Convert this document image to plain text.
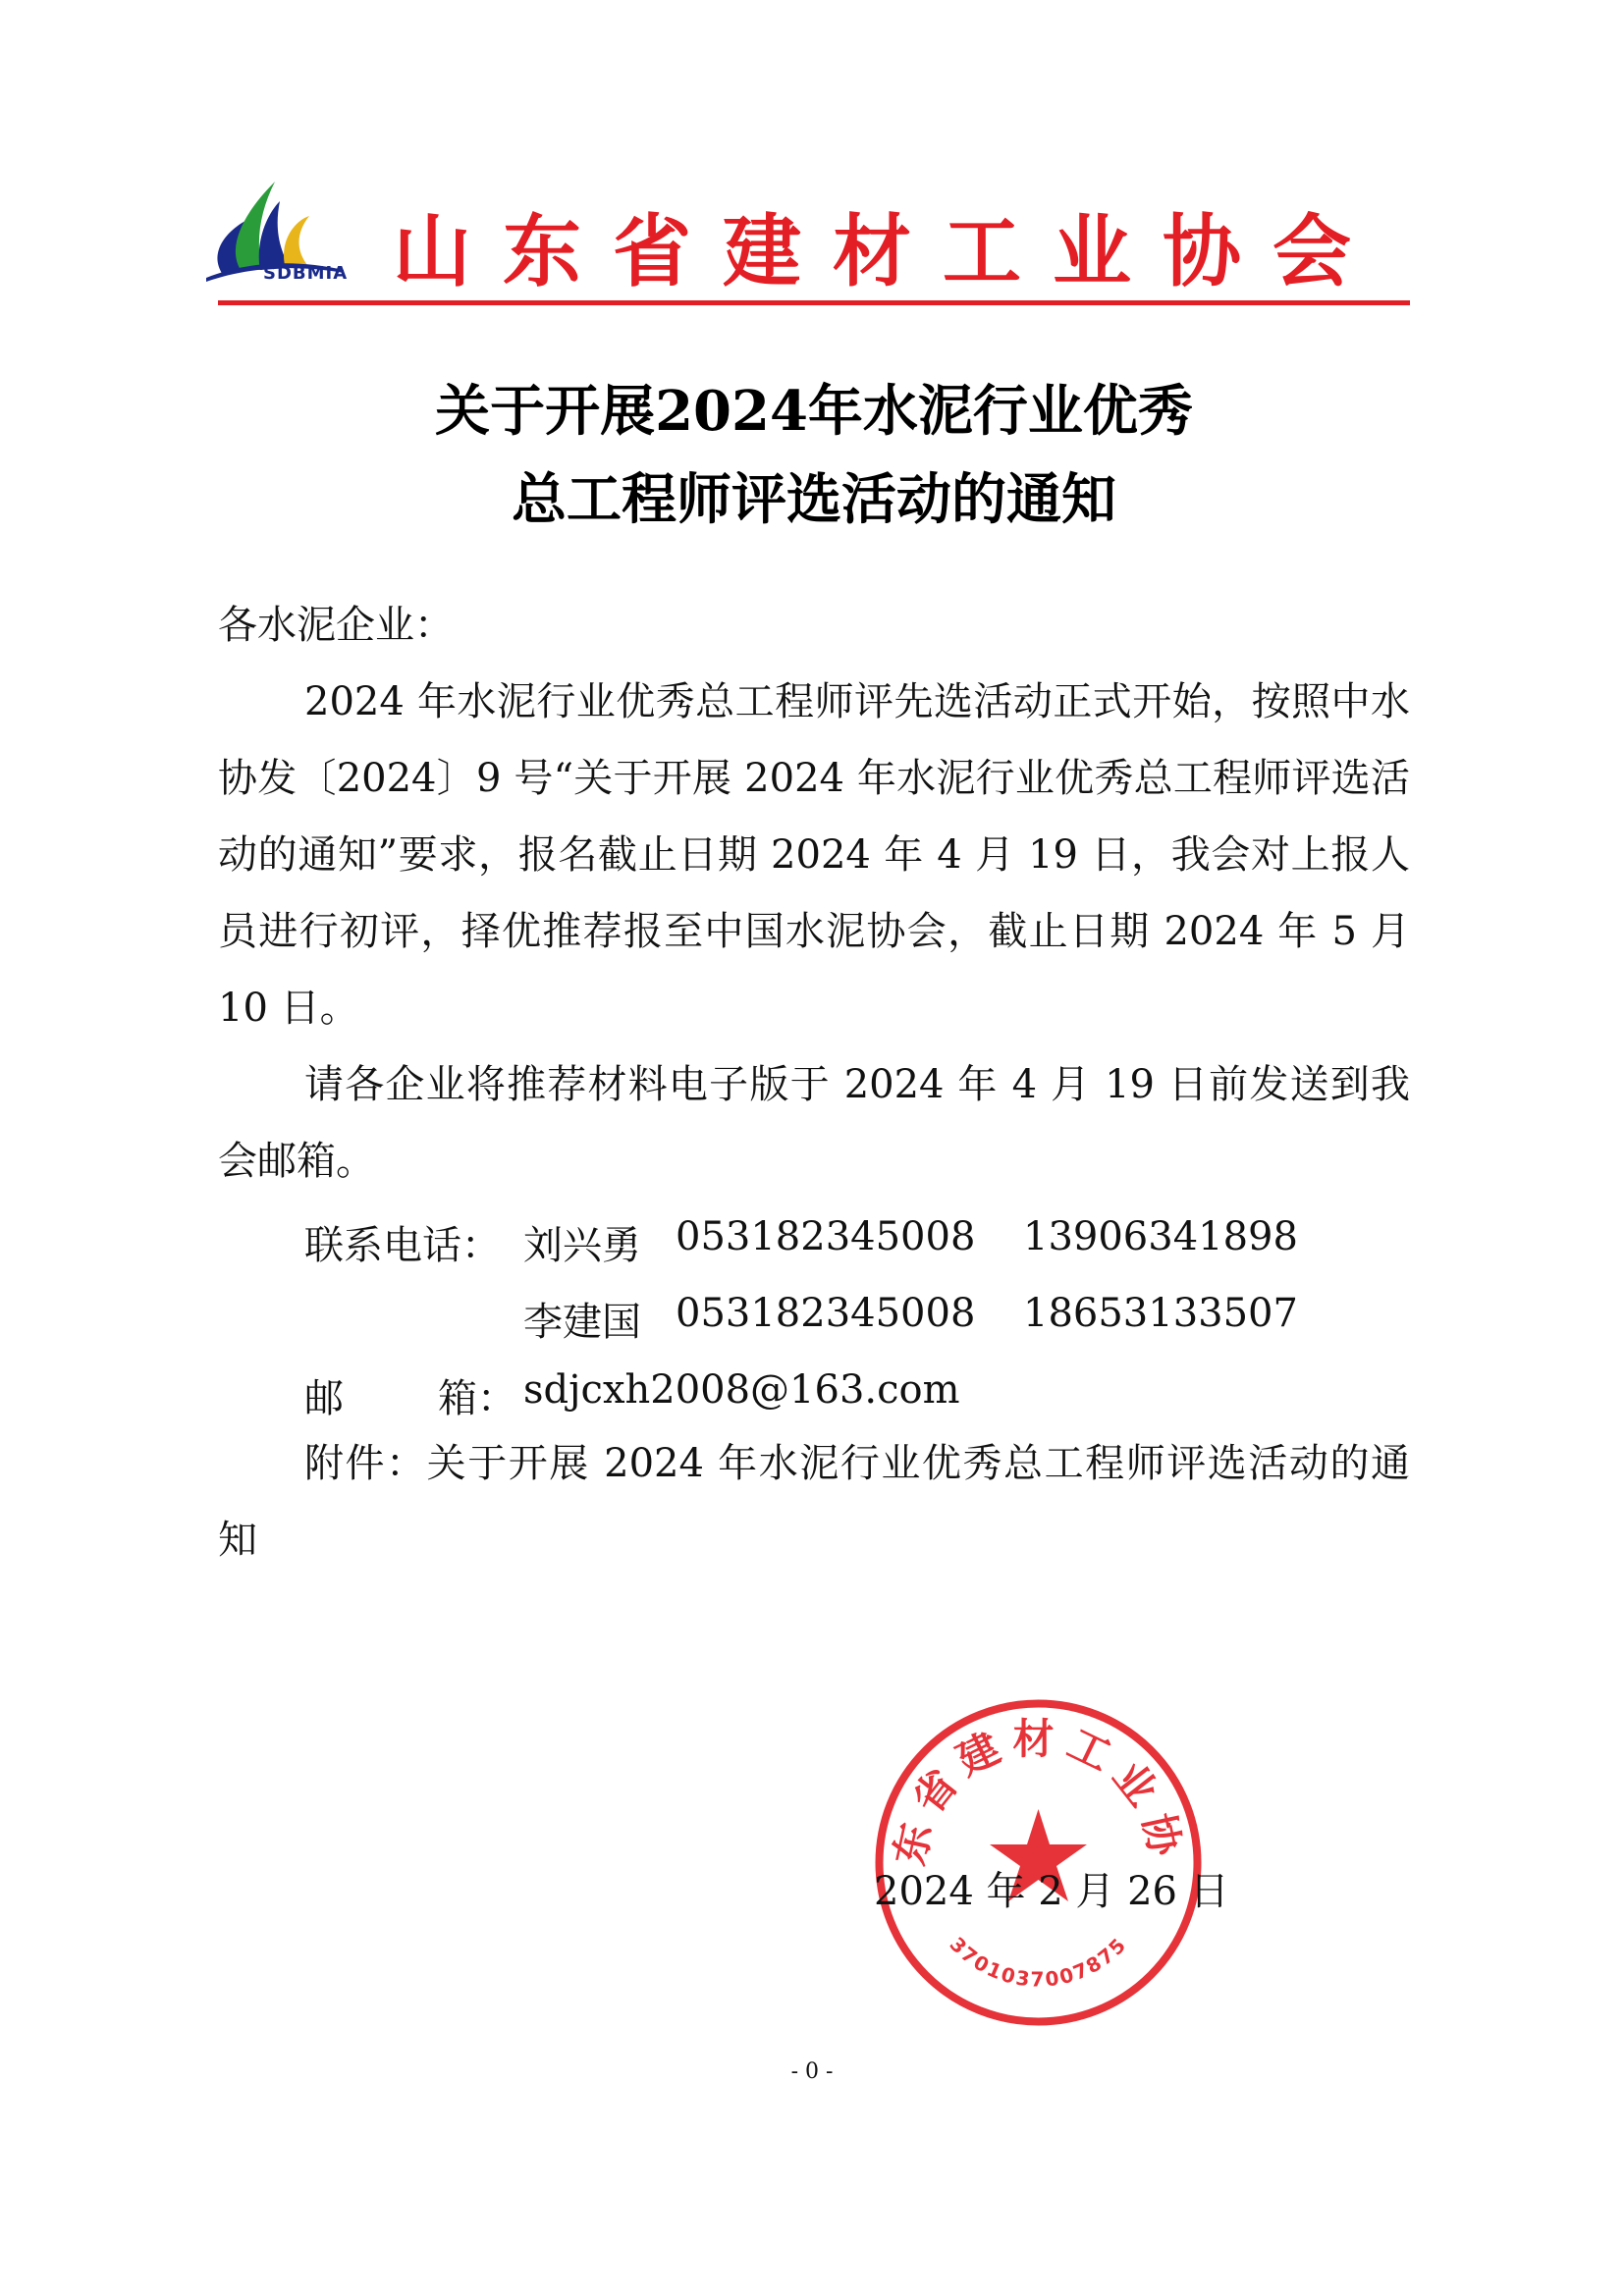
SDBMIA 山东省建材工业协会
关于开展2024年水泥行业优秀
总工程师评选活动的通知
各水泥企业：
2024 年水泥行业优秀总工程师评先选活动正式开始，按照中水协发〔2024〕9 号“关于开展 2024 年水泥行业优秀总工程师评选活动的通知”要求，报名截止日期 2024 年 4 月 19 日，我会对上报人员进行初评，择优推荐报至中国水泥协会，截止日期 2024 年 5 月 10 日。
请各企业将推荐材料电子版于 2024 年 4 月 19 日前发送到我会邮箱。
联系电话： 刘兴勇 053182345008 13906341898
李建国 053182345008 18653133507
邮 箱： sdjcxh2008@163.com
附件：关于开展 2024 年水泥行业优秀总工程师评选活动的通知
东省建材工业协
3701037007875
2024 年 2 月 26 日
- 0 -
